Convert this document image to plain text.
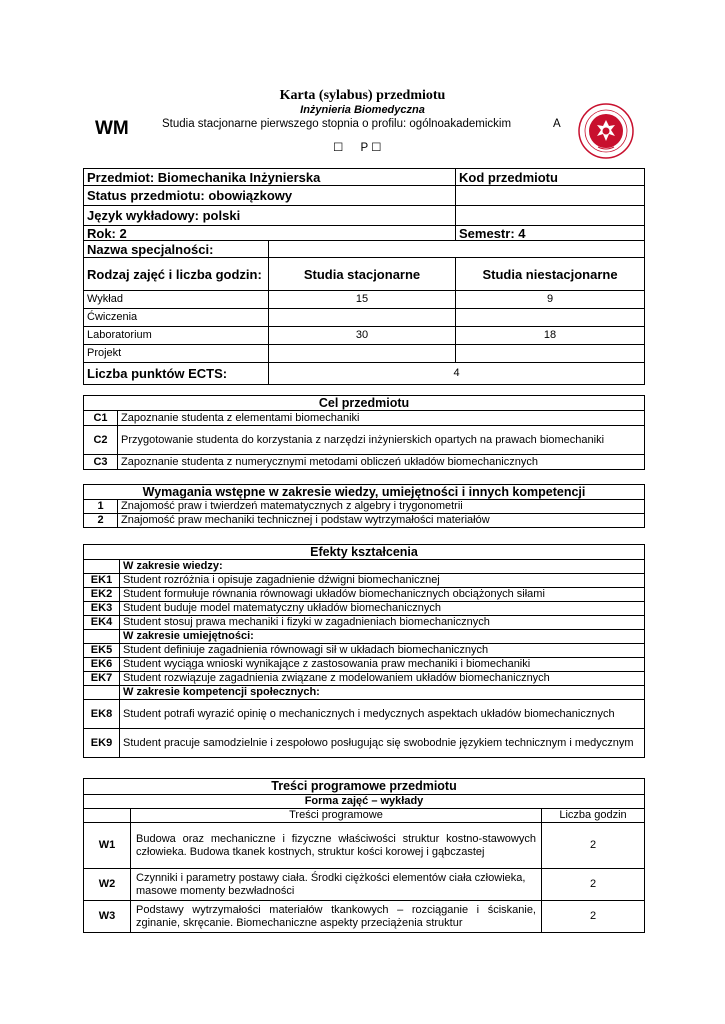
Karta (sylabus) przedmiotu
Inżynieria Biomedyczna
WM	Studia stacjonarne pierwszego stopnia o profilu: ogólnoakademickim	A
☐ P ☐
Przedmiot: Biomechanika Inżynierska		Kod przedmiotu
Status przedmiotu: obowiązkowy		
Język wykładowy: polski		
Rok: 2		Semestr: 4
Nazwa specjalności:		
Rodzaj zajęć i liczba godzin:	Studia stacjonarne	Studia niestacjonarne
Wykład	15	9
Ćwiczenia		
Laboratorium	30	18
Projekt		
Liczba punktów ECTS:	4	
Cel przedmiotu	
C1	Zapoznanie studenta z elementami biomechaniki
C2	Przygotowanie studenta do korzystania z narzędzi inżynierskich opartych na prawach biomechaniki
C3	Zapoznanie studenta z numerycznymi metodami obliczeń układów biomechanicznych
Wymagania wstępne w zakresie wiedzy, umiejętności i innych kompetencji	
1	Znajomość praw i twierdzeń matematycznych z algebry i trygonometrii
2	Znajomość praw mechaniki technicznej i podstaw wytrzymałości materiałów
Efekty kształcenia	
	W zakresie wiedzy:
EK1	Student rozróżnia i opisuje zagadnienie dźwigni biomechanicznej
EK2	Student formułuje równania równowagi układów biomechanicznych obciążonych siłami
EK3	Student buduje model matematyczny układów biomechanicznych
EK4	Student stosuj prawa mechaniki i fizyki w zagadnieniach biomechanicznych
	W zakresie umiejętności:
EK5	Student definiuje zagadnienia równowagi sił w układach biomechanicznych
EK6	Student wyciąga wnioski wynikające z zastosowania praw mechaniki i biomechaniki
EK7	Student rozwiązuje zagadnienia związane z modelowaniem układów biomechanicznych
	W zakresie kompetencji społecznych:
EK8	Student potrafi wyrazić opinię o mechanicznych i medycznych aspektach układów biomechanicznych
EK9	Student pracuje samodzielnie i zespołowo posługując się swobodnie językiem technicznym i medycznym
Treści programowe przedmiotu		
Forma zajęć – wykłady		
	Treści programowe	Liczba godzin
W1	Budowa oraz mechaniczne i fizyczne właściwości struktur kostno-stawowych człowieka. Budowa tkanek kostnych, struktur kości korowej i gąbczastej	2
W2	Czynniki i parametry postawy ciała. Środki ciężkości elementów ciała człowieka, masowe momenty bezwładności	2
W3	Podstawy wytrzymałości materiałów tkankowych – rozciąganie i ściskanie, zginanie, skręcanie. Biomechaniczne aspekty przeciążenia struktur	2
